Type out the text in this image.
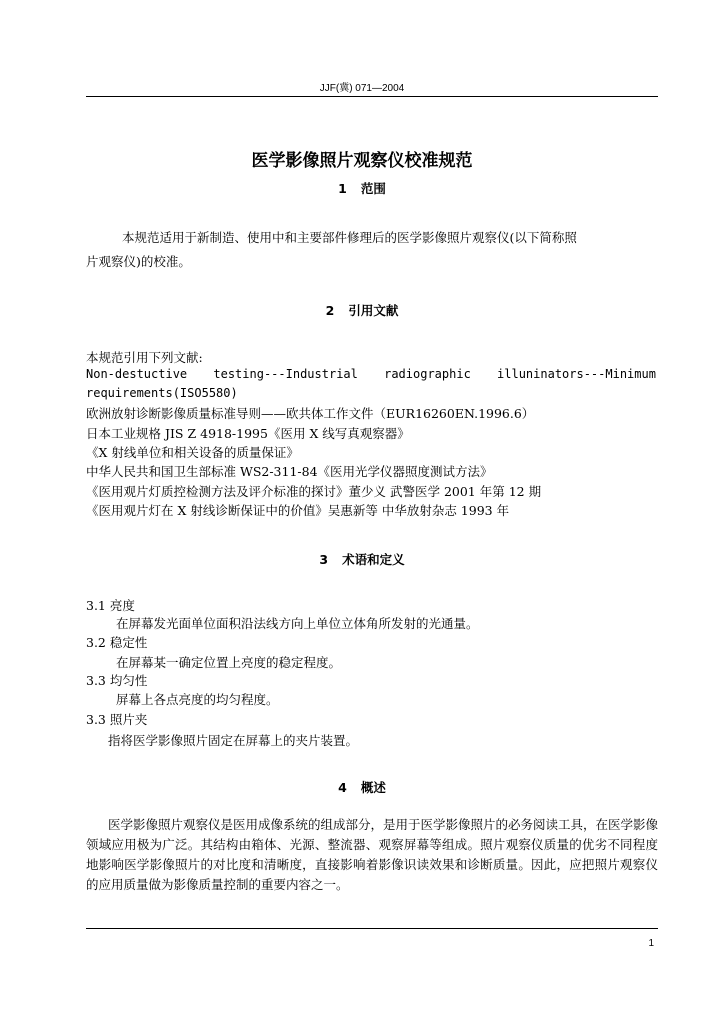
JJF(冀) 071—2004
医学影像照片观察仪校准规范
1 范围
本规范适用于新制造、使用中和主要部件修理后的医学影像照片观察仪(以下简称照
片观察仪)的校准。
2 引用文献
本规范引用下列文献:
Non-destuctive testing---Industrial radiographic illuninators---Minimum
requirements(ISO5580)
欧洲放射诊断影像质量标准导则——欧共体工作文件（EUR16260EN.1996.6）
日本工业规格 JIS Z 4918-1995《医用 X 线写真观察器》
《X 射线单位和相关设备的质量保证》
中华人民共和国卫生部标准 WS2-311-84《医用光学仪器照度测试方法》
《医用观片灯质控检测方法及评介标准的探讨》董少义 武警医学 2001 年第 12 期
《医用观片灯在 X 射线诊断保证中的价值》吴惠新等 中华放射杂志 1993 年
3 术语和定义
3.1 亮度
在屏幕发光面单位面积沿法线方向上单位立体角所发射的光通量。
3.2 稳定性
在屏幕某一确定位置上亮度的稳定程度。
3.3 均匀性
屏幕上各点亮度的均匀程度。
3.3 照片夹
指将医学影像照片固定在屏幕上的夹片装置。
4 概述
医学影像照片观察仪是医用成像系统的组成部分，是用于医学影像照片的必务阅读工具，在医学影像领域应用极为广泛。其结构由箱体、光源、整流器、观察屏幕等组成。照片观察仪质量的优劣不同程度地影响医学影像照片的对比度和清晰度，直接影响着影像识读效果和诊断质量。因此，应把照片观察仪的应用质量做为影像质量控制的重要内容之一。
1
